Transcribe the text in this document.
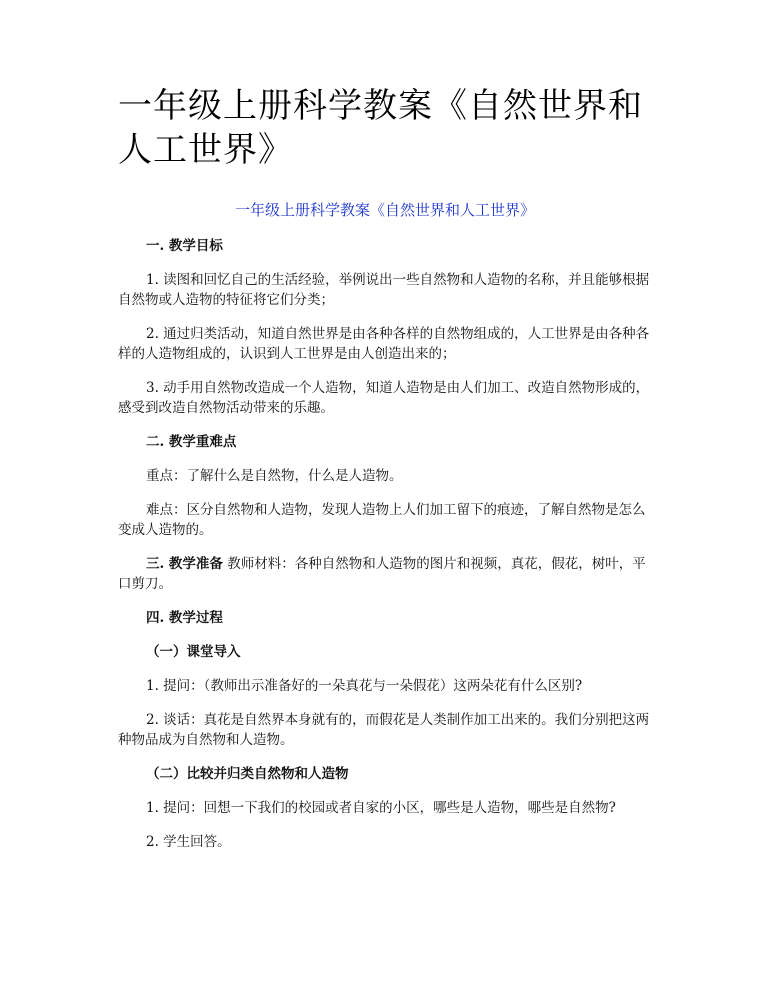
一年级上册科学教案《自然世界和人工世界》
一年级上册科学教案《自然世界和人工世界》

一. 教学目标

1. 读图和回忆自己的生活经验，举例说出一些自然物和人造物的名称，并且能够根据自然物或人造物的特征将它们分类；

2. 通过归类活动，知道自然世界是由各种各样的自然物组成的，人工世界是由各种各样的人造物组成的，认识到人工世界是由人创造出来的；

3. 动手用自然物改造成一个人造物，知道人造物是由人们加工、改造自然物形成的，感受到改造自然物活动带来的乐趣。

二. 教学重难点

重点：了解什么是自然物，什么是人造物。

难点：区分自然物和人造物，发现人造物上人们加工留下的痕迹，了解自然物是怎么变成人造物的。

三. 教学准备 教师材料：各种自然物和人造物的图片和视频，真花，假花，树叶，平口剪刀。

四. 教学过程

（一）课堂导入

1. 提问：（教师出示准备好的一朵真花与一朵假花）这两朵花有什么区别?

2. 谈话：真花是自然界本身就有的，而假花是人类制作加工出来的。我们分别把这两种物品成为自然物和人造物。

（二）比较并归类自然物和人造物

1. 提问：回想一下我们的校园或者自家的小区，哪些是人造物，哪些是自然物?

2. 学生回答。
